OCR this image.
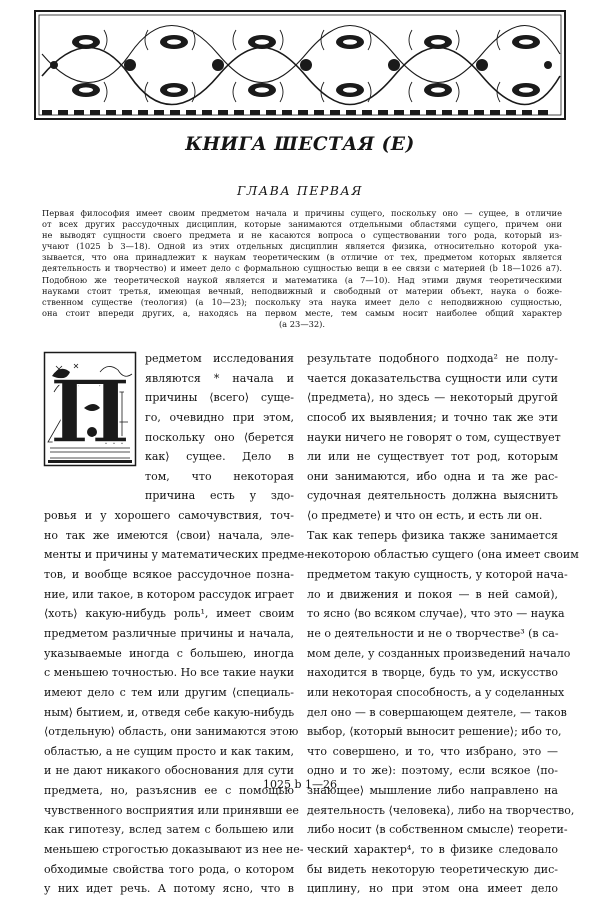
КНИГА ШЕСТАЯ (E)
ГЛАВА ПЕРВАЯ
Первая философия имеет своим предметом начала и причины сущего, поскольку оно — сущее, в отличие
от всех других рассудочных дисциплин, которые занимаются отдельными областями сущего, причем они
не выводят сущности своего предмета и не касаются вопроса о существовании того рода, который из-
учают (1025 b 3—18). Одной из этих отдельных дисциплин является физика, относительно которой ука-
зывается, что она принадлежит к наукам теоретическим (в отличие от тех, предметом которых является
деятельность и творчество) и имеет дело с формальною сущностью вещи в ее связи с материей (b 18—1026 a7).
Подобною же теоретической наукой является и математика (a 7—10). Над этими двумя теоретическими
науками стоит третья, имеющая вечный, неподвижный и свободный от материи объект, наука о боже-
ственном существе (теология) (a 10—23); поскольку эта наука имеет дело с неподвижною сущностью,
она стоит впереди других, а, находясь на первом месте, тем самым носит наиболее общий характер
(a 23—32).
П
редметом исследования
являются * начала и
причины ⟨всего⟩ суще-
го, очевидно при этом,
поскольку оно ⟨берется
как⟩ сущее. Дело в
том, что некоторая
причина есть у здо-
ровья и у хорошего самочувствия, точ-
но так же имеются ⟨свои⟩ начала, эле-
менты и причины у математических предме-
тов, и вообще всякое рассудочное позна-
ние, или такое, в котором рассудок играет
⟨хоть⟩ какую-нибудь роль¹, имеет своим
предметом различные причины и начала,
указываемые иногда с большею, иногда
с меньшею точностью. Но все такие науки
имеют дело с тем или другим ⟨специаль-
ным⟩ бытием, и, отведя себе какую-нибудь
⟨отдельную⟩ область, они занимаются этою
областью, а не сущим просто и как таким,
и не дают никакого обоснования для сути
предмета, но, разъяснив ее с помощью
чувственного восприятия или принявши ее
как гипотезу, вслед затем с большею или
меньшею строгостью доказывают из нее не-
обходимые свойства того рода, о котором
у них идет речь. А потому ясно, что в
результате подобного подхода² не полу-
чается доказательства сущности или сути
⟨предмета⟩, но здесь — некоторый другой
способ их выявления; и точно так же эти
науки ничего не говорят о том, существует
ли или не существует тот род, которым
они занимаются, ибо одна и та же рас-
судочная деятельность должна выяснить
⟨о предмете⟩ и что он есть, и есть ли он.
Так как теперь физика также занимается
некоторою областью сущего (она имеет своим
предметом такую сущность, у которой нача-
ло и движения и покоя — в ней самой),
то ясно ⟨во всяком случае⟩, что это — наука
не о деятельности и не о творчестве³ (в са-
мом деле, у созданных произведений начало
находится в творце, будь то ум, искусство
или некоторая способность, а у соделанных
дел оно — в совершающем деятеле, — таков
выбор, ⟨который выносит решение⟩; ибо то,
что совершено, и то, что избрано, это —
одно и то же): поэтому, если всякое ⟨по-
знающее⟩ мышление либо направлено на
деятельность ⟨человека⟩, либо на творчество,
либо носит ⟨в собственном смысле⟩ теорети-
ческий характер⁴, то в физике следовало
бы видеть некоторую теоретическую дис-
циплину, но при этом она имеет дело
1025 b 1—26
